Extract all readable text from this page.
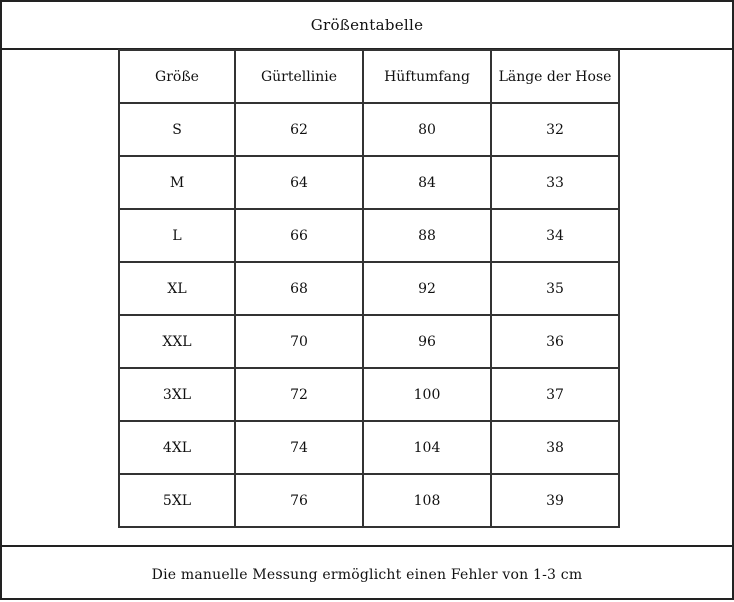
Größentabelle
Größe	Gürtellinie	Hüftumfang	Länge der Hose
S	62	80	32
M	64	84	33
L	66	88	34
XL	68	92	35
XXL	70	96	36
3XL	72	100	37
4XL	74	104	38
5XL	76	108	39
Die manuelle Messung ermöglicht einen Fehler von 1-3 cm
